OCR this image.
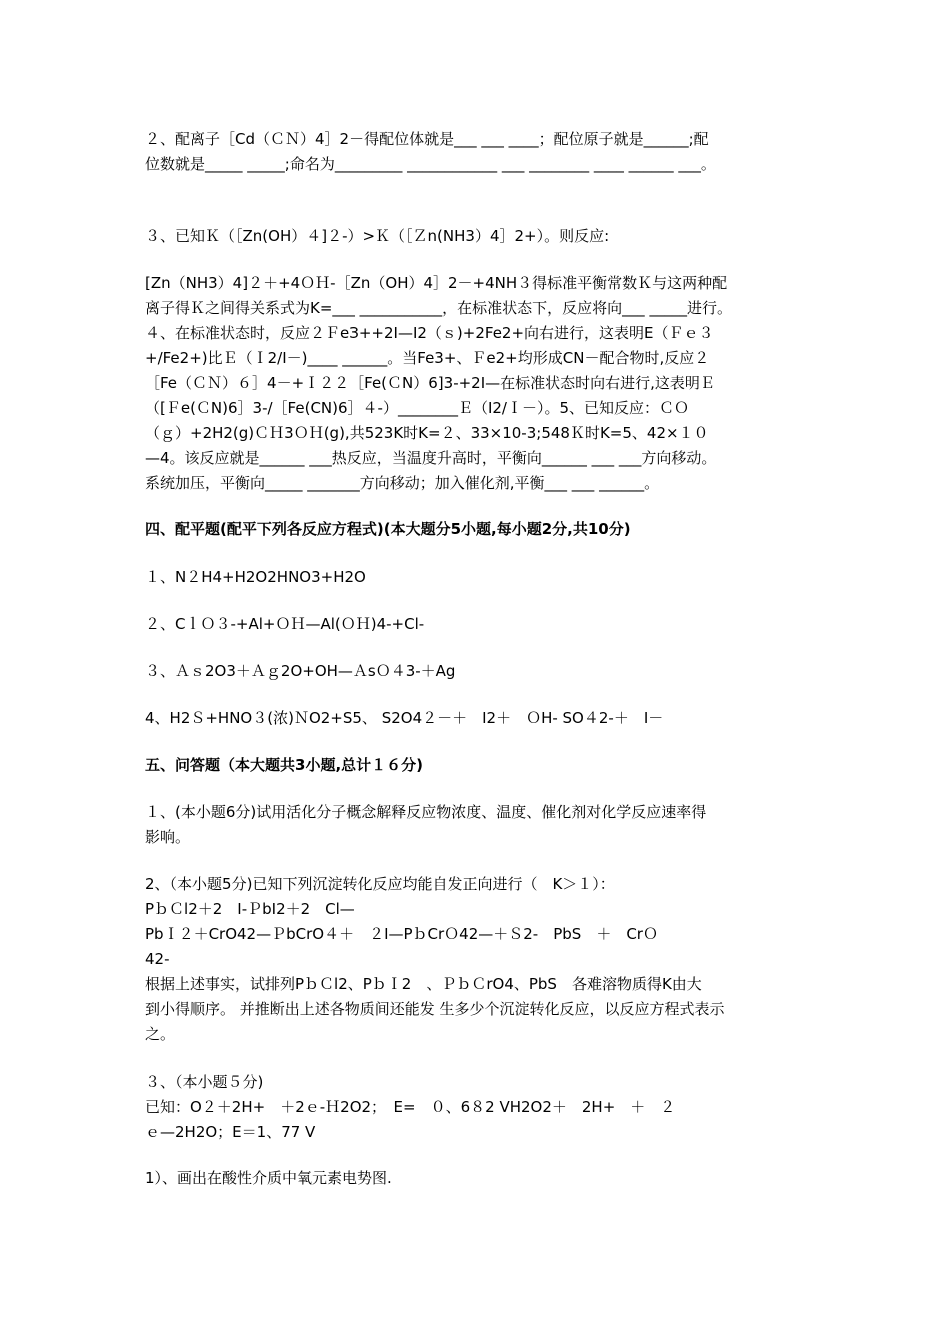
２、配离子［Cd（ＣＮ）4］2－得配位体就是___ ___ ____；配位原子就是______;配

位数就是_____ _____;命名为_________ ____________ ___ ________ ____ ______ ___。

３、已知Ｋ（［Zn(OH）４]２-）>Ｋ（［Ｚn(NH3）4］2+）。则反应:

[Zn（NH3）4]２＋+4ＯＨ-［Zn（OH）4］2－+4NH３得标准平衡常数Ｋ与这两种配

离子得Ｋ之间得关系式为K=___ ___________，在标准状态下，反应将向___ _____进行。

４、在标准状态时，反应２ＦeЗ++2I—I2（ｓ)+2Fe2+向右进行，这表明E（Ｆｅ３

+/Fe2+)比Ｅ（Ｉ2/I－)____ ______。当Fe3+、Ｆe2+均形成CN－配合物时,反应２

［Fe（ＣＮ）６］4－+Ｉ２２［Fe(ＣN）6]3-+2I—在标准状态时向右进行,这表明Ｅ

（[Ｆe(ＣN)6］3-/［Fe(CN)6］４-）________Ｅ（I2/Ｉ－）。5、已知反应：ＣＯ

（ｇ）+2H2(g)ＣＨ3ＯＨ(g),共523K时K=２、33×10-3;548Ｋ时K=5、42×１０

—4。该反应就是______ ___热反应，当温度升高时，平衡向______ ___ ___方向移动。

系统加压，平衡向_____ _______方向移动；加入催化剂,平衡___ ___ ______。

四、配平题(配平下列各反应方程式)(本大题分5小题,每小题2分,共10分)

１、N２H4+H2O2HNO3+H2O

２、CｌＯ３-+Al+ＯＨ—Al(ＯＨ)4-+Cl-

３、Ａｓ2O3＋Ａｇ2O+OH—ＡsＯ４3-＋Ag

4、H2Ｓ+HNO３(浓)ＮO2+S5、 S2O4２－＋　I2＋　ＯH- SO４2-＋　I－

五、问答题（本大题共3小题,总计１６分)

１、(本小题6分)试用活化分子概念解释反应物浓度、温度、催化剂对化学反应速率得

影响。

2、（本小题5分)已知下列沉淀转化反应均能自发正向进行（　K＞１）：

PｂＣl2＋2　I-ＰbI2＋2　Cl—

PbＩ２＋CrO42—ＰbCrO４＋　２I—PｂCrＯ42—＋Ｓ2-　PbS　＋　CrＯ

42-

根据上述事实，试排列PｂＣl2、PｂＩ2　、ＰｂＣrO4、PbS　各难溶物质得K由大

到小得顺序。 并推断出上述各物质间还能发 生多少个沉淀转化反应，以反应方程式表示

之。

３、（本小题５分)

已知：O２＋2H+　＋2ｅ-Ｈ2O2；　E=　０、6８2 VH2O2＋　2H+　＋　２

ｅ—2H2O；E＝1、77 V

1）、画出在酸性介质中氧元素电势图.
